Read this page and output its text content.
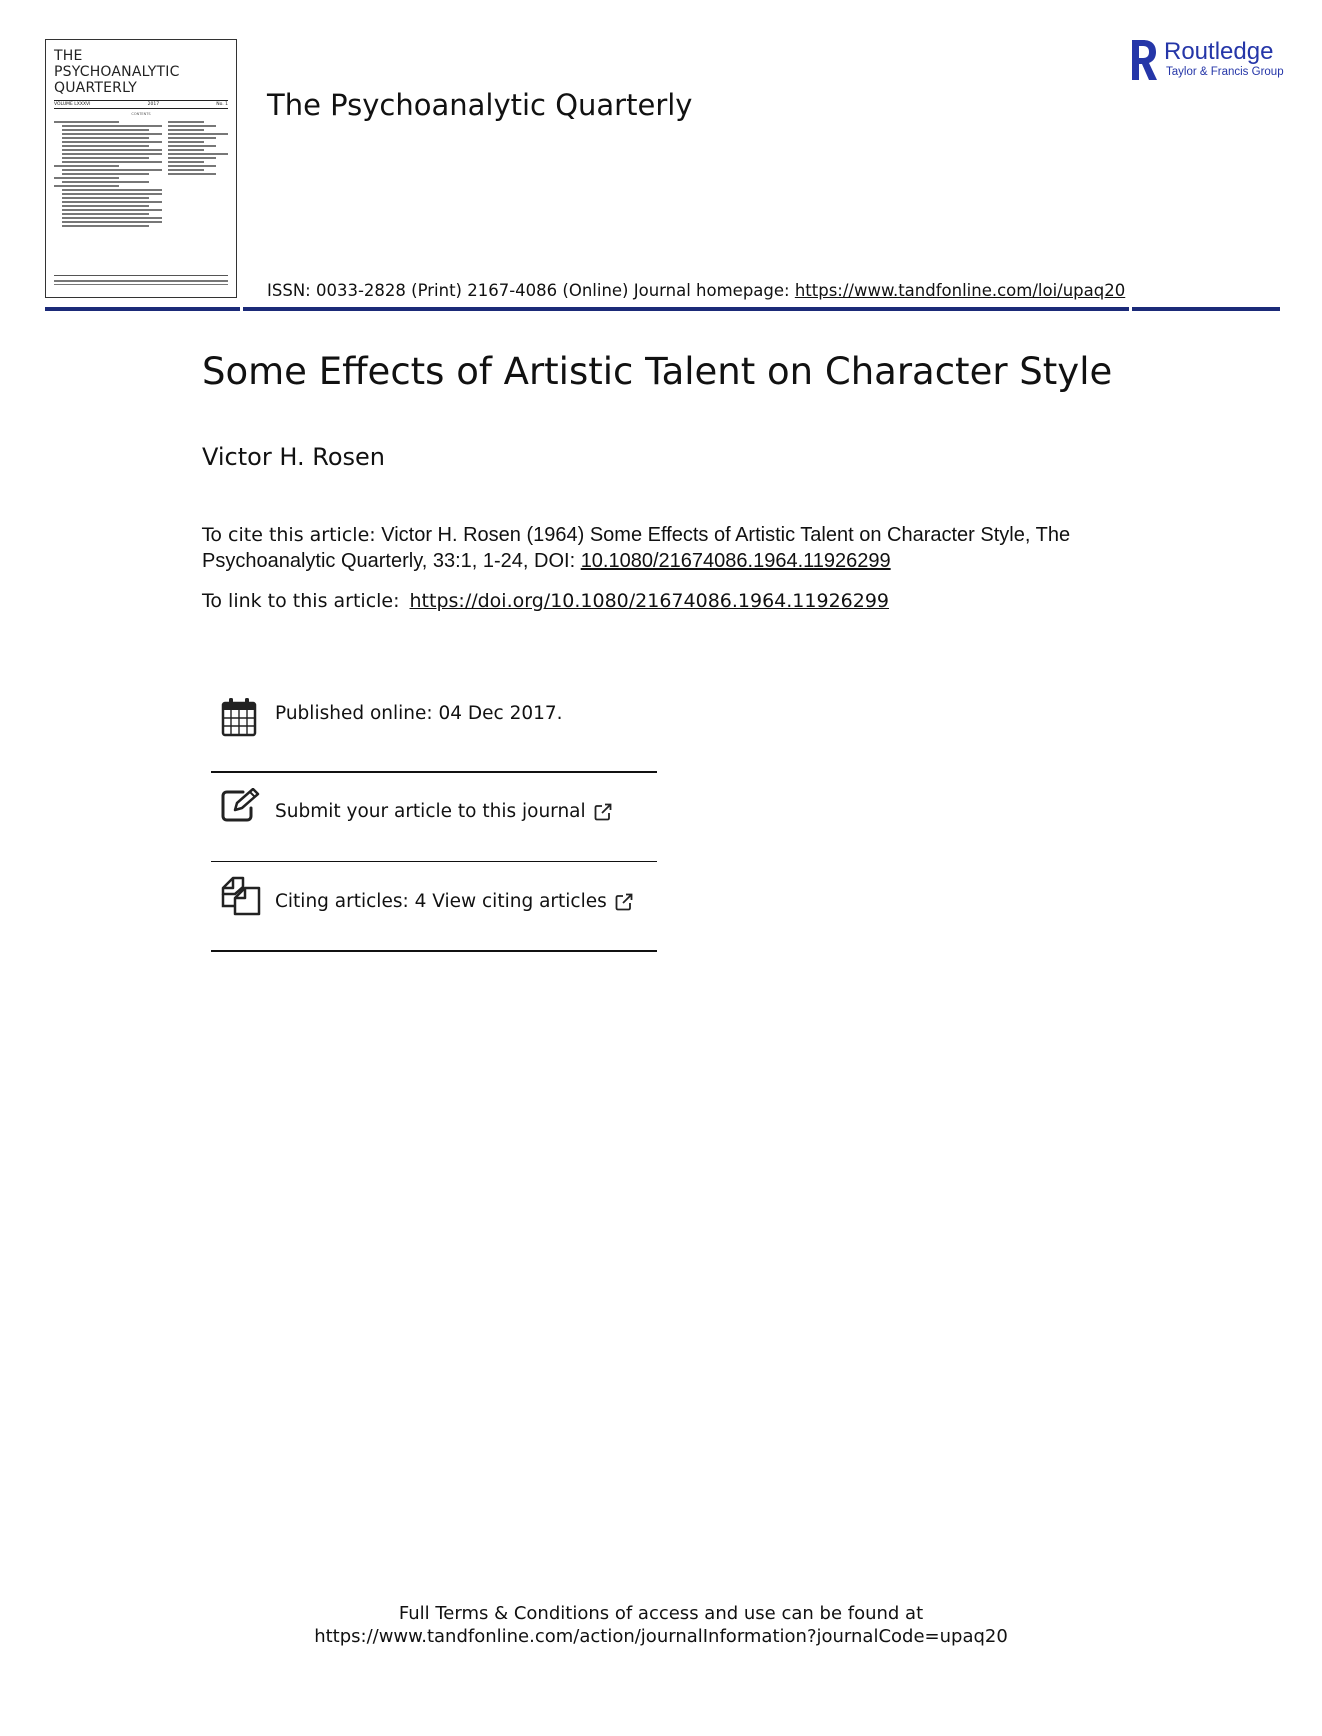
THE
PSYCHOANALYTIC
QUARTERLY
VOLUME LXXXVI	2017	No. 1
CONTENTS	The Psychoanalytic Quarterly
ISSN: 0033-2828 (Print) 2167-4086 (Online) Journal homepage: https://www.tandfonline.com/loi/upaq20
ROUTLEDGE Routledge
Taylor & Francis Group
Some Effects of Artistic Talent on Character Style
Victor H. Rosen
To cite this article: Victor H. Rosen (1964) Some Effects of Artistic Talent on Character Style, The Psychoanalytic Quarterly, 33:1, 1-24, DOI: 10.1080/21674086.1964.11926299
To link to this article: https://doi.org/10.1080/21674086.1964.11926299
Published online: 04 Dec 2017.
Submit your article to this journal
Citing articles: 4 View citing articles
Full Terms & Conditions of access and use can be found at
https://www.tandfonline.com/action/journalInformation?journalCode=upaq20
